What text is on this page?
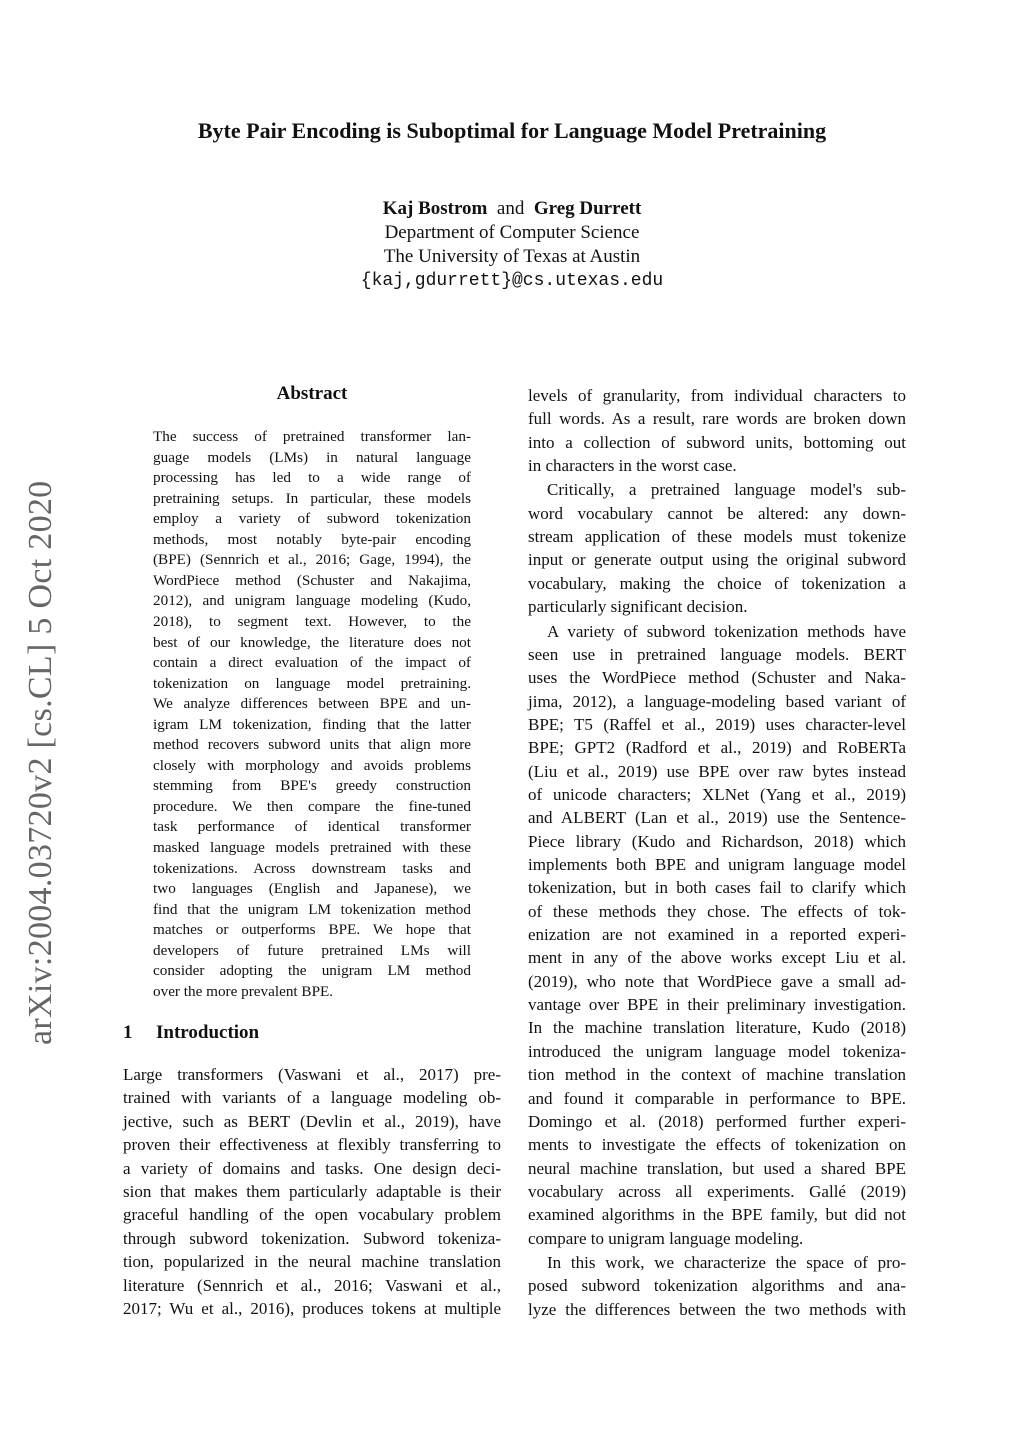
Byte Pair Encoding is Suboptimal for Language Model Pretraining
Kaj Bostrom and Greg Durrett
Department of Computer Science
The University of Texas at Austin
{kaj,gdurrett}@cs.utexas.edu
arXiv:2004.03720v2 [cs.CL] 5 Oct 2020
Abstract
The success of pretrained transformer lan-
guage models (LMs) in natural language
processing has led to a wide range of
pretraining setups. In particular, these models
employ a variety of subword tokenization
methods, most notably byte-pair encoding
(BPE) (Sennrich et al., 2016; Gage, 1994), the
WordPiece method (Schuster and Nakajima,
2012), and unigram language modeling (Kudo,
2018), to segment text. However, to the
best of our knowledge, the literature does not
contain a direct evaluation of the impact of
tokenization on language model pretraining.
We analyze differences between BPE and un-
igram LM tokenization, finding that the latter
method recovers subword units that align more
closely with morphology and avoids problems
stemming from BPE's greedy construction
procedure. We then compare the fine-tuned
task performance of identical transformer
masked language models pretrained with these
tokenizations. Across downstream tasks and
two languages (English and Japanese), we
find that the unigram LM tokenization method
matches or outperforms BPE. We hope that
developers of future pretrained LMs will
consider adopting the unigram LM method
over the more prevalent BPE.
1 Introduction
Large transformers (Vaswani et al., 2017) pre-
trained with variants of a language modeling ob-
jective, such as BERT (Devlin et al., 2019), have
proven their effectiveness at flexibly transferring to
a variety of domains and tasks. One design deci-
sion that makes them particularly adaptable is their
graceful handling of the open vocabulary problem
through subword tokenization. Subword tokeniza-
tion, popularized in the neural machine translation
literature (Sennrich et al., 2016; Vaswani et al.,
2017; Wu et al., 2016), produces tokens at multiple
levels of granularity, from individual characters to
full words. As a result, rare words are broken down
into a collection of subword units, bottoming out
in characters in the worst case.
Critically, a pretrained language model's sub-
word vocabulary cannot be altered: any down-
stream application of these models must tokenize
input or generate output using the original subword
vocabulary, making the choice of tokenization a
particularly significant decision.
A variety of subword tokenization methods have
seen use in pretrained language models. BERT
uses the WordPiece method (Schuster and Naka-
jima, 2012), a language-modeling based variant of
BPE; T5 (Raffel et al., 2019) uses character-level
BPE; GPT2 (Radford et al., 2019) and RoBERTa
(Liu et al., 2019) use BPE over raw bytes instead
of unicode characters; XLNet (Yang et al., 2019)
and ALBERT (Lan et al., 2019) use the Sentence-
Piece library (Kudo and Richardson, 2018) which
implements both BPE and unigram language model
tokenization, but in both cases fail to clarify which
of these methods they chose. The effects of tok-
enization are not examined in a reported experi-
ment in any of the above works except Liu et al.
(2019), who note that WordPiece gave a small ad-
vantage over BPE in their preliminary investigation.
In the machine translation literature, Kudo (2018)
introduced the unigram language model tokeniza-
tion method in the context of machine translation
and found it comparable in performance to BPE.
Domingo et al. (2018) performed further experi-
ments to investigate the effects of tokenization on
neural machine translation, but used a shared BPE
vocabulary across all experiments. Gallé (2019)
examined algorithms in the BPE family, but did not
compare to unigram language modeling.
In this work, we characterize the space of pro-
posed subword tokenization algorithms and ana-
lyze the differences between the two methods with
